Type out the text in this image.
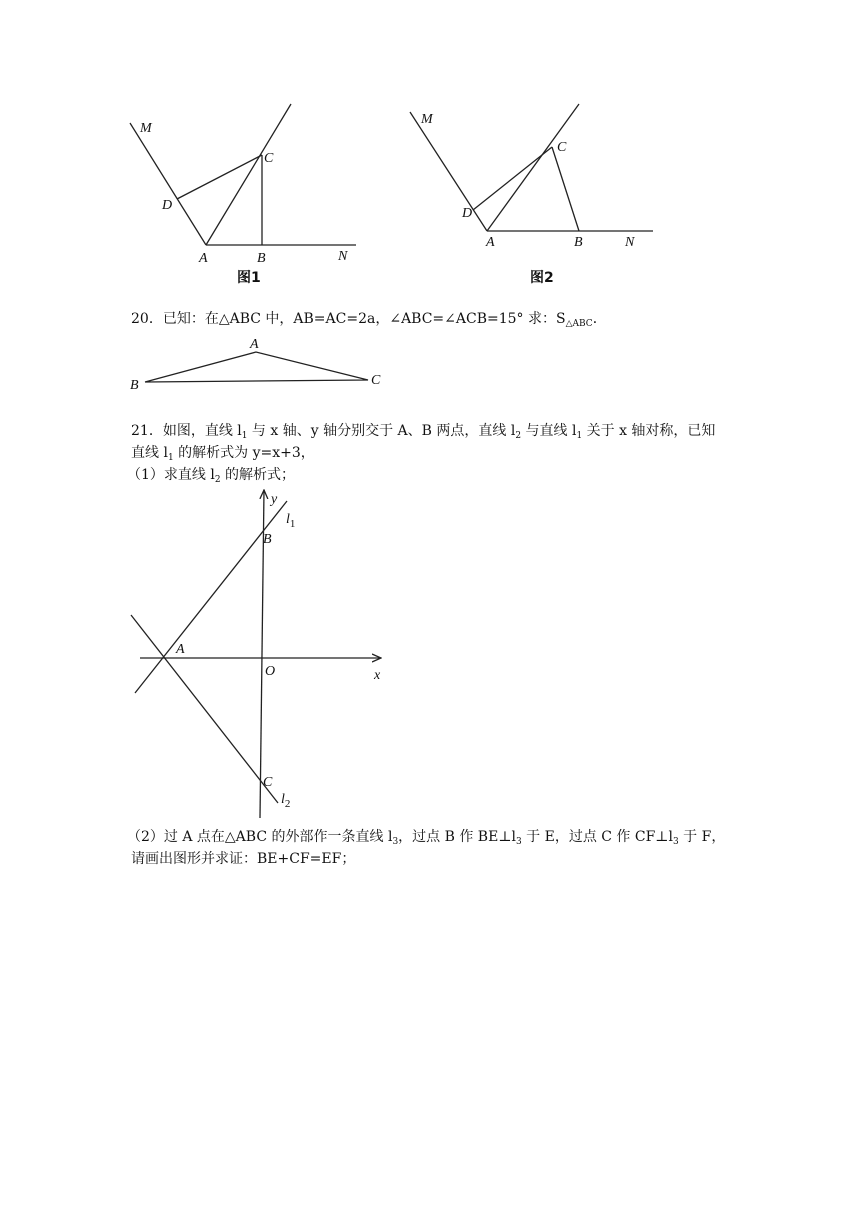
M
D
A	B
C
N
图1
M
D
A	B
C
N
图2
20．已知：在△ABC 中，AB=AC=2a，∠ABC=∠ACB=15° 求：$S_{\triangle ABC}$．
A
B	C
21．如图，直线 $l_1$ 与 x 轴、y 轴分别交于 A、B 两点，直线 $l_2$ 与直线 $l_1$ 关于 x 轴对称，已知
直线 $l_1$ 的解析式为 y=x+3，
（1）求直线 $l_2$ 的解析式；
y
x
O
A
B
C
$l_1$
$l_2$
（2）过 A 点在△ABC 的外部作一条直线 $l_3$，过点 B 作 $BE\perp l_3$ 于 E，过点 C 作 $CF\perp l_3$ 于 F，
请画出图形并求证：BE+CF=EF；
